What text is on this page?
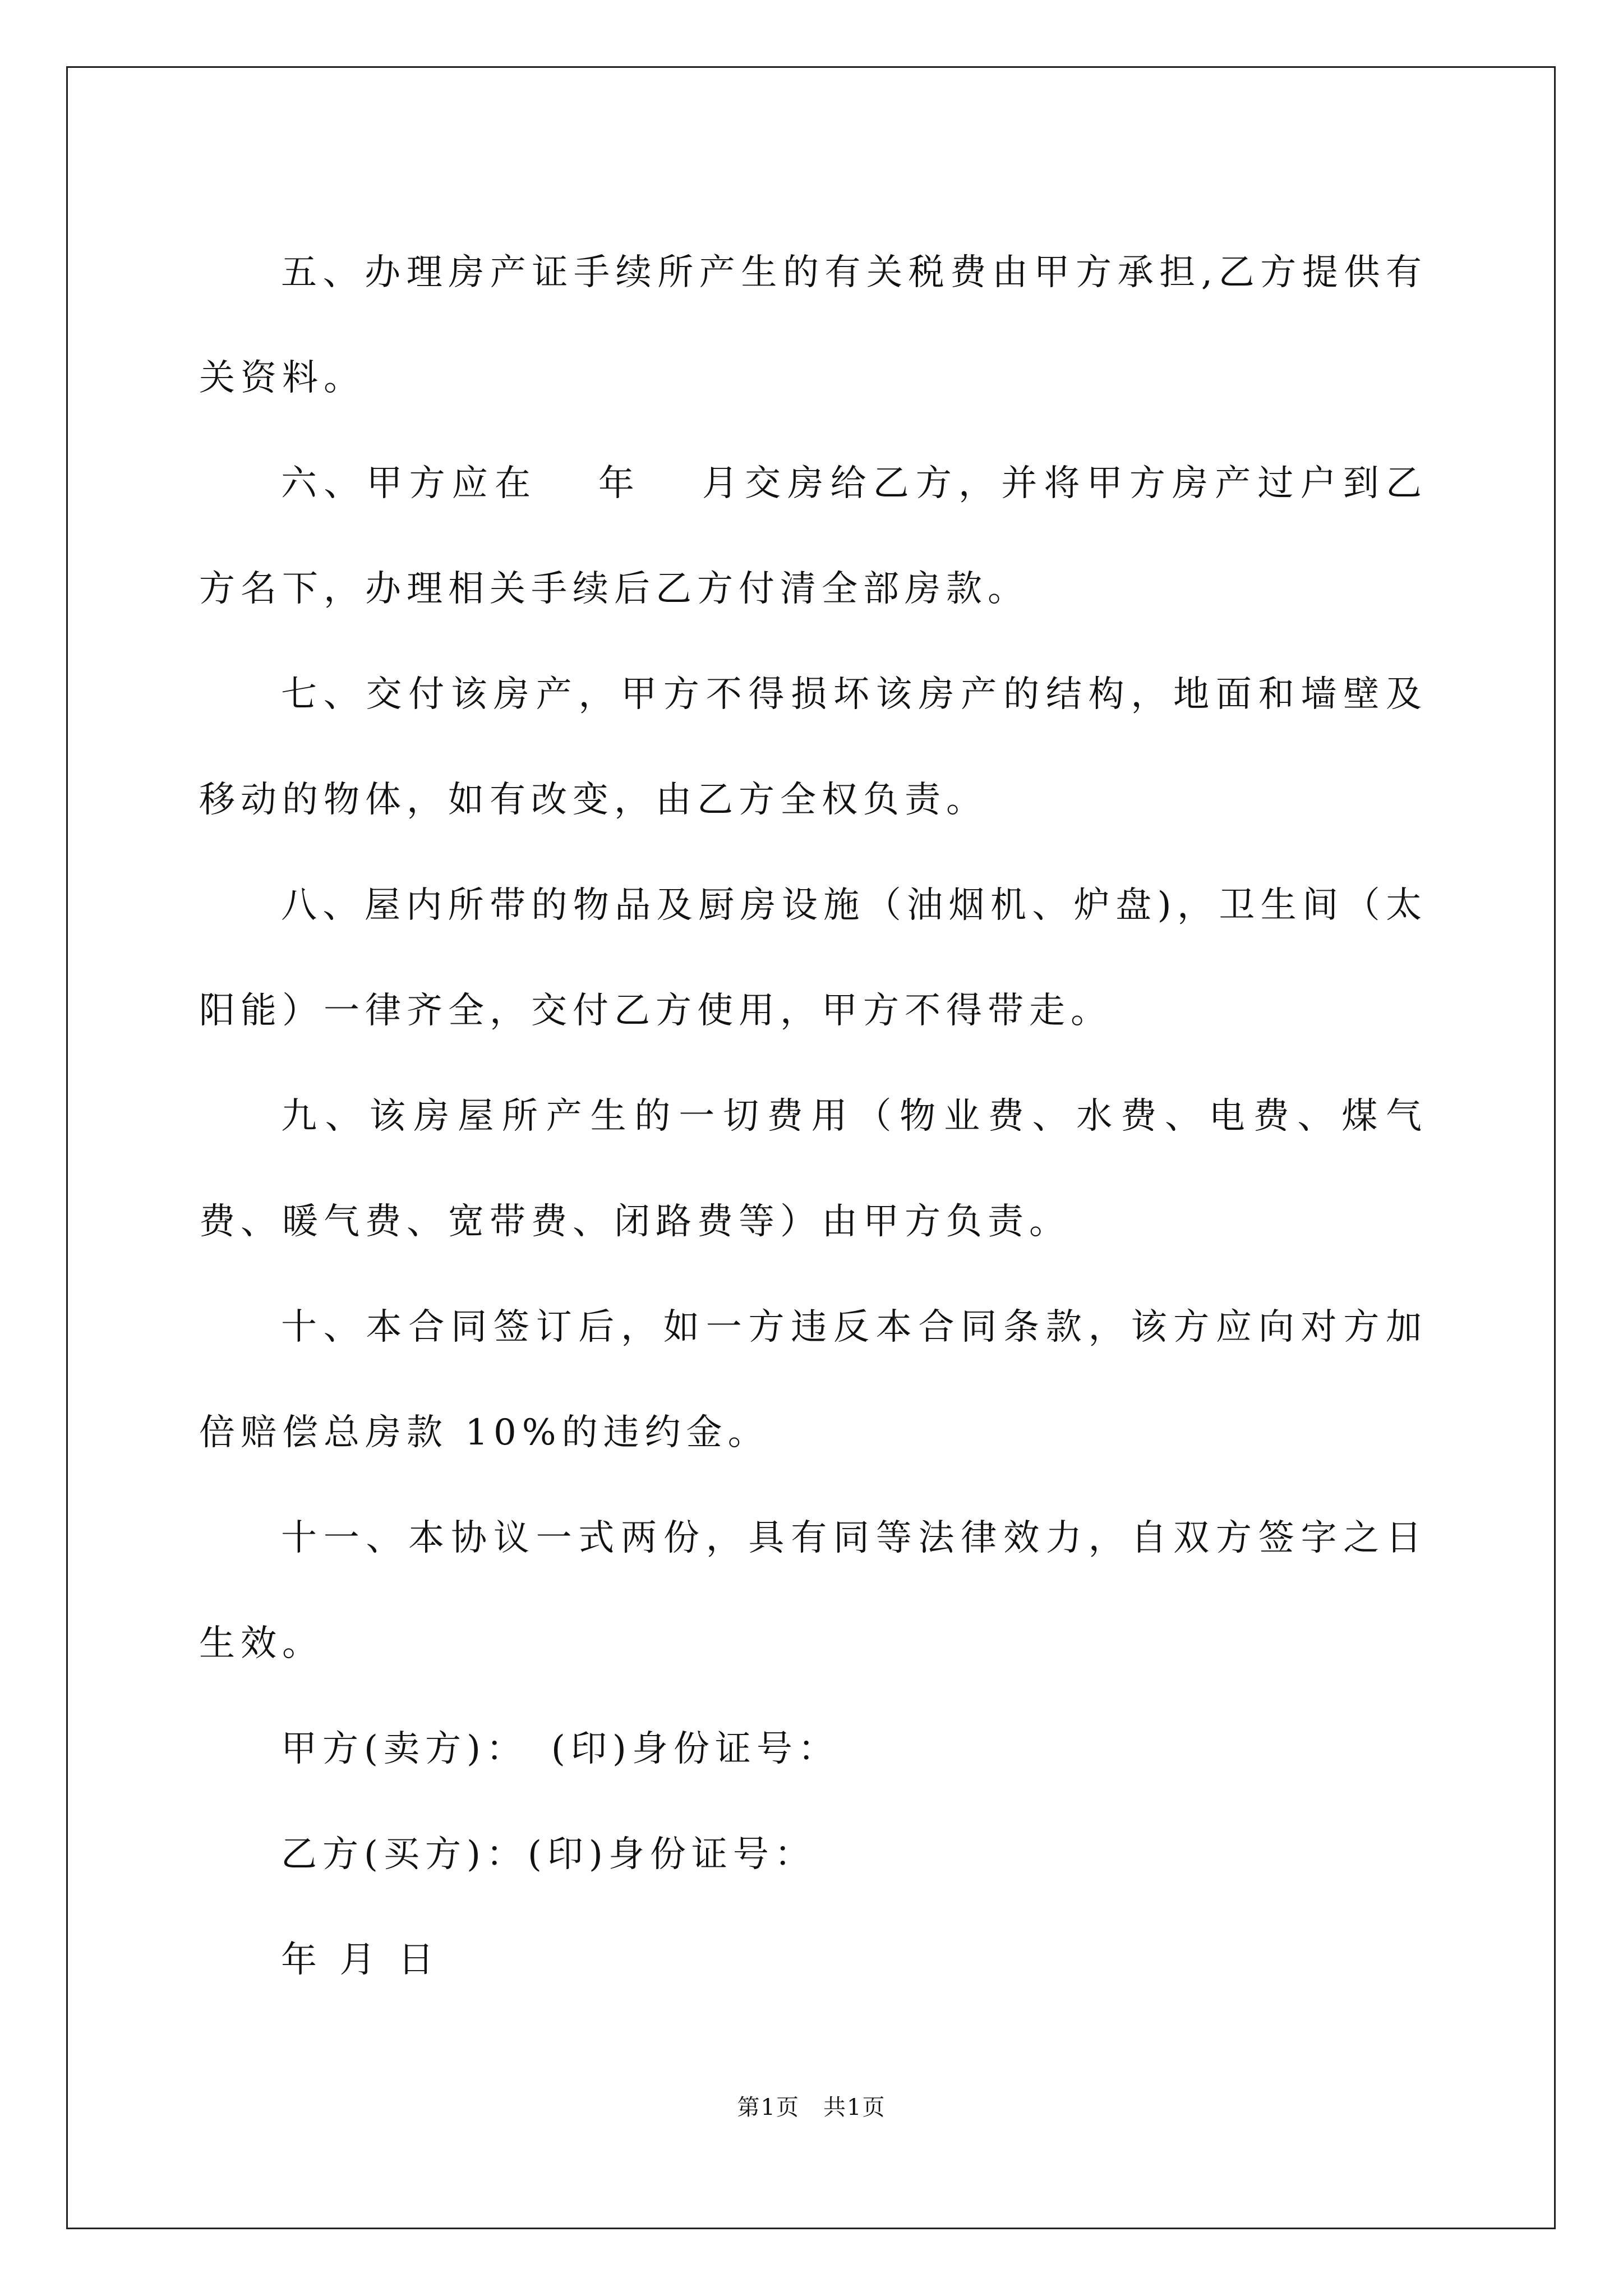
五、办理房产证手续所产生的有关税费由甲方承担,乙方提供有关资料。

六、甲方应在　 年　 月交房给乙方，并将甲方房产过户到乙方名下，办理相关手续后乙方付清全部房款。

七、交付该房产，甲方不得损坏该房产的结构，地面和墙壁及移动的物体，如有改变，由乙方全权负责。

八、屋内所带的物品及厨房设施（油烟机、炉盘)，卫生间（太阳能）一律齐全，交付乙方使用，甲方不得带走。

九、该房屋所产生的一切费用（物业费、水费、电费、煤气费、暖气费、宽带费、闭路费等）由甲方负责。

十、本合同签订后，如一方违反本合同条款，该方应向对方加倍赔偿总房款 10%的违约金。

十一、本协议一式两份，具有同等法律效力，自双方签字之日生效。

甲方(卖方)：　(印)身份证号：

乙方(买方)：(印)身份证号：

年 月 日

第1页　共1页
